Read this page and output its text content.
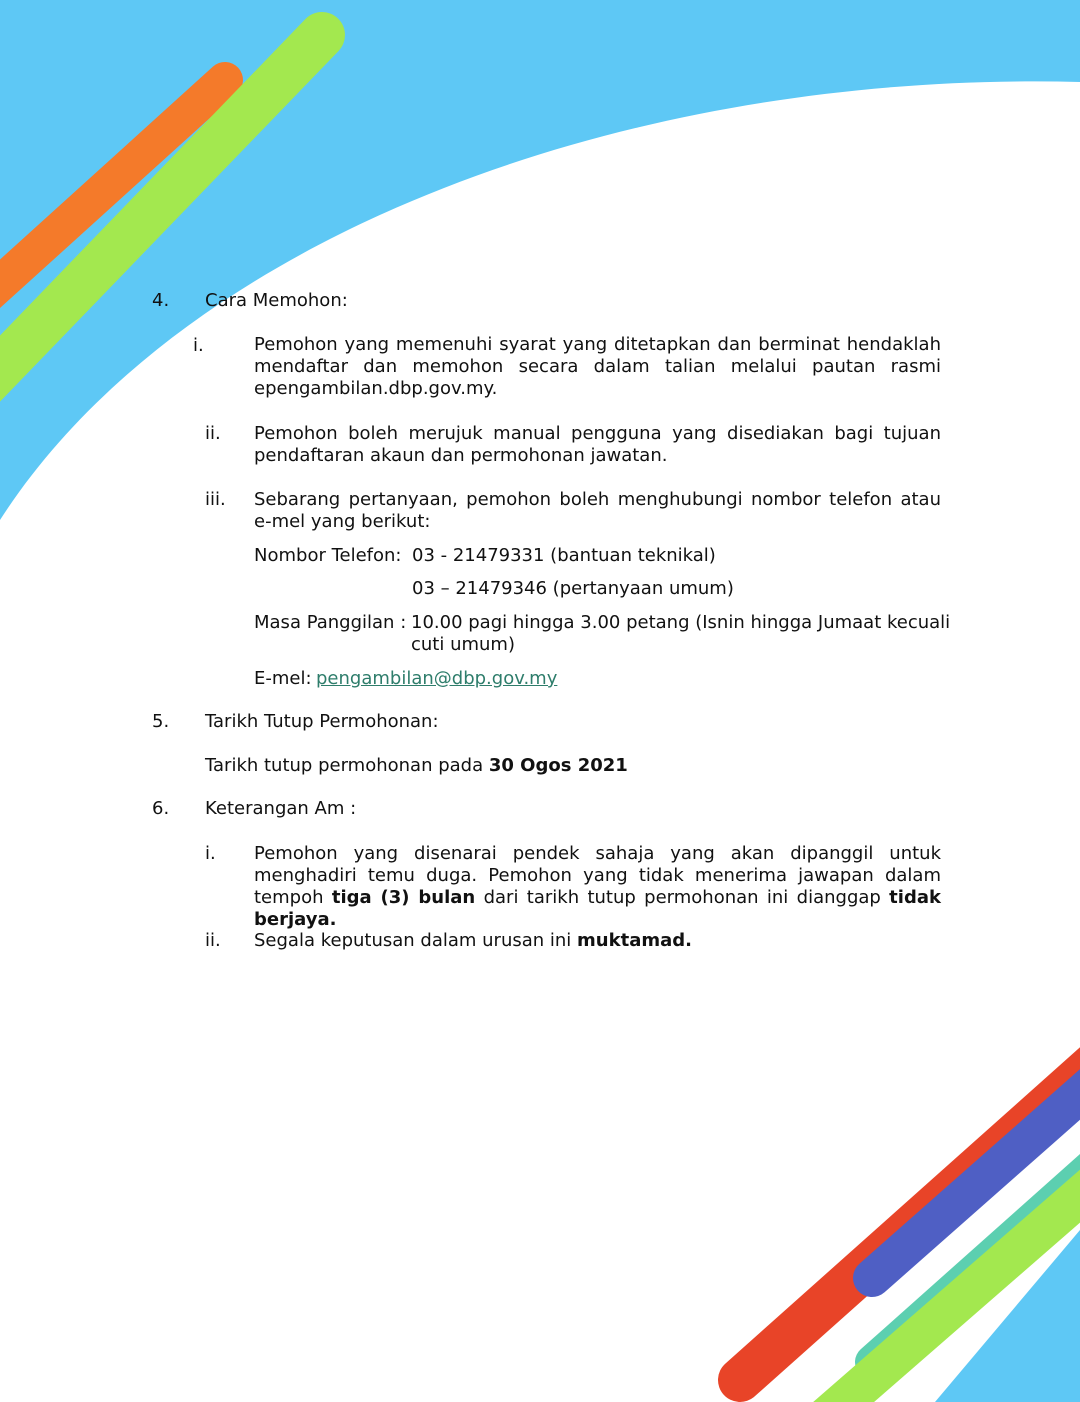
4. Cara Memohon:
i.	Pemohon yang memenuhi syarat yang ditetapkan dan berminat hendaklah mendaftar dan memohon secara dalam talian melalui pautan rasmi epengambilan.dbp.gov.my.
ii.	Pemohon boleh merujuk manual pengguna yang disediakan bagi tujuan pendaftaran akaun dan permohonan jawatan.
iii.	Sebarang pertanyaan, pemohon boleh menghubungi nombor telefon atau e-mel yang berikut:
Nombor Telefon: 03 - 21479331 (bantuan teknikal)
03 – 21479346 (pertanyaan umum)
Masa Panggilan : 10.00 pagi hingga 3.00 petang (Isnin hingga Jumaat kecuali
cuti umum)
E-mel: pengambilan@dbp.gov.my
5. Tarikh Tutup Permohonan:
Tarikh tutup permohonan pada 30 Ogos 2021
6. Keterangan Am :
i.	Pemohon yang disenarai pendek sahaja yang akan dipanggil untuk menghadiri temu duga. Pemohon yang tidak menerima jawapan dalam tempoh tiga (3) bulan dari tarikh tutup permohonan ini dianggap tidak berjaya.
ii.	Segala keputusan dalam urusan ini muktamad.
